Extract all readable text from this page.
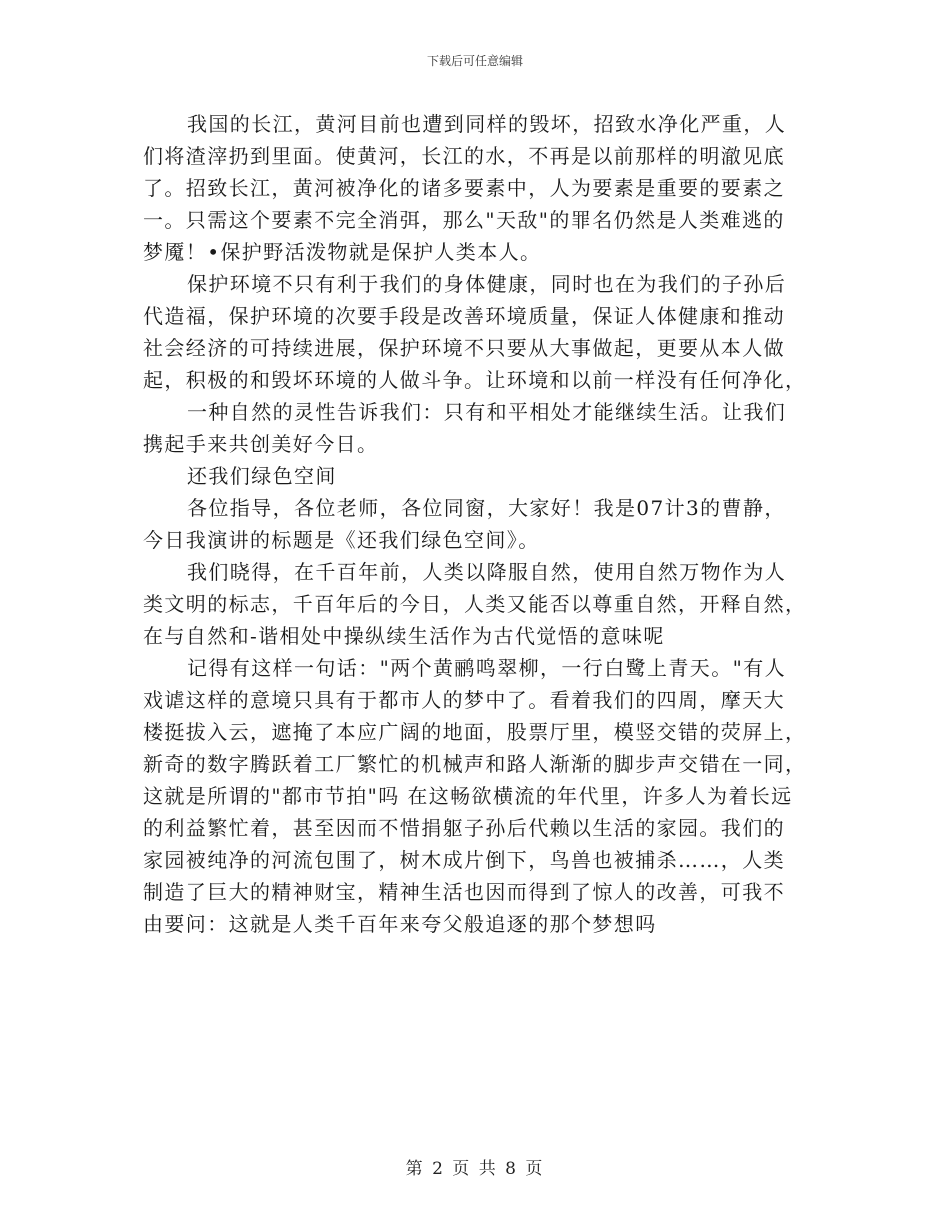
下载后可任意编辑
我国的长江，黄河目前也遭到同样的毁坏，招致水净化严重，人
们将渣滓扔到里面。使黄河，长江的水，不再是以前那样的明澈见底
了。招致长江，黄河被净化的诸多要素中，人为要素是重要的要素之
一。只需这个要素不完全消弭，那么"天敌"的罪名仍然是人类难逃的
梦魇！•保护野活泼物就是保护人类本人。
保护环境不只有利于我们的身体健康，同时也在为我们的子孙后
代造福，保护环境的次要手段是改善环境质量，保证人体健康和推动
社会经济的可持续进展，保护环境不只要从大事做起，更要从本人做
起，积极的和毁坏环境的人做斗争。让环境和以前一样没有任何净化，
一种自然的灵性告诉我们：只有和平相处才能继续生活。让我们
携起手来共创美好今日。
还我们绿色空间
各位指导，各位老师，各位同窗，大家好！我是07计3的曹静，
今日我演讲的标题是《还我们绿色空间》。
我们晓得，在千百年前，人类以降服自然，使用自然万物作为人
类文明的标志，千百年后的今日，人类又能否以尊重自然，开释自然，
在与自然和-谐相处中操纵续生活作为古代觉悟的意味呢
记得有这样一句话："两个黄鹂鸣翠柳，一行白鹭上青天。"有人
戏谑这样的意境只具有于都市人的梦中了。看着我们的四周，摩天大
楼挺拔入云，遮掩了本应广阔的地面，股票厅里，模竖交错的荧屏上，
新奇的数字腾跃着工厂繁忙的机械声和路人渐渐的脚步声交错在一同，
这就是所谓的"都市节拍"吗 在这畅欲横流的年代里，许多人为着长远
的利益繁忙着，甚至因而不惜捐躯子孙后代赖以生活的家园。我们的
家园被纯净的河流包围了，树木成片倒下，鸟兽也被捕杀……，人类
制造了巨大的精神财宝，精神生活也因而得到了惊人的改善，可我不
由要问：这就是人类千百年来夸父般追逐的那个梦想吗
第 2 页 共 8 页
